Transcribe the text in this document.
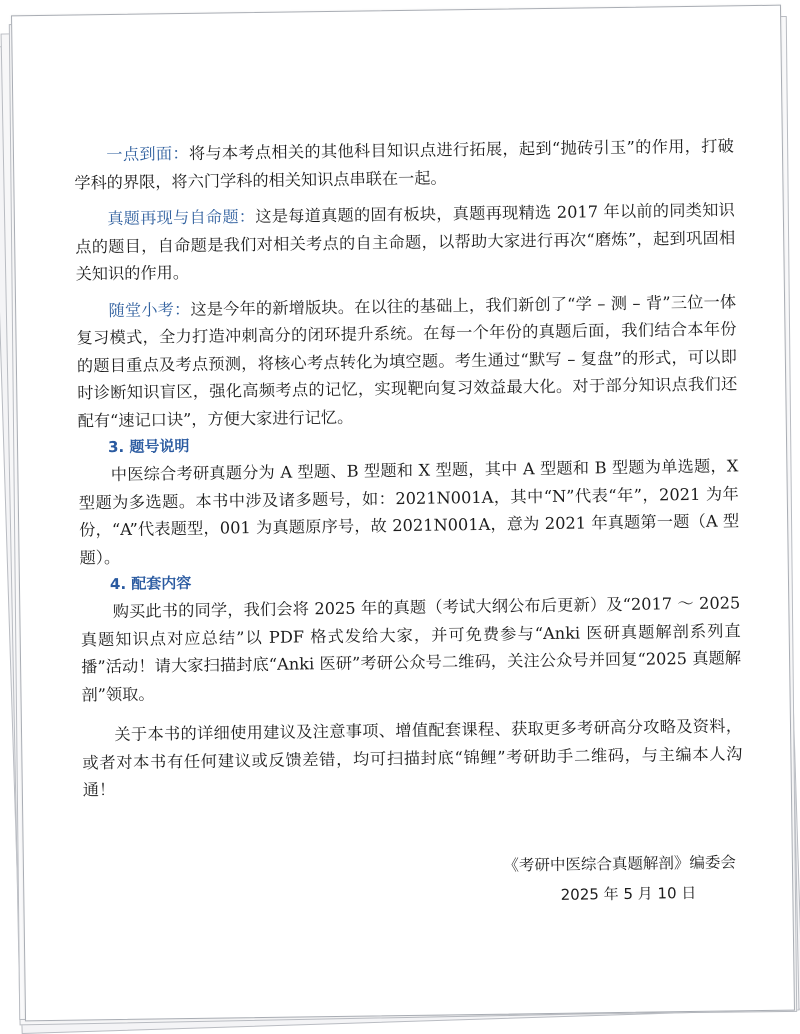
一点到面：将与本考点相关的其他科目知识点进行拓展，起到“抛砖引玉”的作用，打破学科的界限，将六门学科的相关知识点串联在一起。

真题再现与自命题：这是每道真题的固有板块，真题再现精选 2017 年以前的同类知识点的题目，自命题是我们对相关考点的自主命题，以帮助大家进行再次“磨炼”，起到巩固相关知识的作用。

随堂小考：这是今年的新增版块。在以往的基础上，我们新创了“学 – 测 – 背”三位一体复习模式，全力打造冲刺高分的闭环提升系统。在每一个年份的真题后面，我们结合本年份的题目重点及考点预测，将核心考点转化为填空题。考生通过“默写 – 复盘”的形式，可以即时诊断知识盲区，强化高频考点的记忆，实现靶向复习效益最大化。对于部分知识点我们还配有“速记口诀”，方便大家进行记忆。

3. 题号说明

中医综合考研真题分为 A 型题、B 型题和 X 型题，其中 A 型题和 B 型题为单选题，X 型题为多选题。本书中涉及诸多题号，如：2021N001A，其中“N”代表“年”，2021 为年份，“A”代表题型，001 为真题原序号，故 2021N001A，意为 2021 年真题第一题（A 型题）。

4. 配套内容

购买此书的同学，我们会将 2025 年的真题（考试大纲公布后更新）及“2017 ～ 2025 真题知识点对应总结”以 PDF 格式发给大家，并可免费参与“Anki 医研真题解剖系列直播”活动！请大家扫描封底“Anki 医研”考研公众号二维码，关注公众号并回复“2025 真题解剖”领取。

关于本书的详细使用建议及注意事项、增值配套课程、获取更多考研高分攻略及资料，或者对本书有任何建议或反馈差错，均可扫描封底“锦鲤”考研助手二维码，与主编本人沟通！

《考研中医综合真题解剖》编委会
2025 年 5 月 10 日
